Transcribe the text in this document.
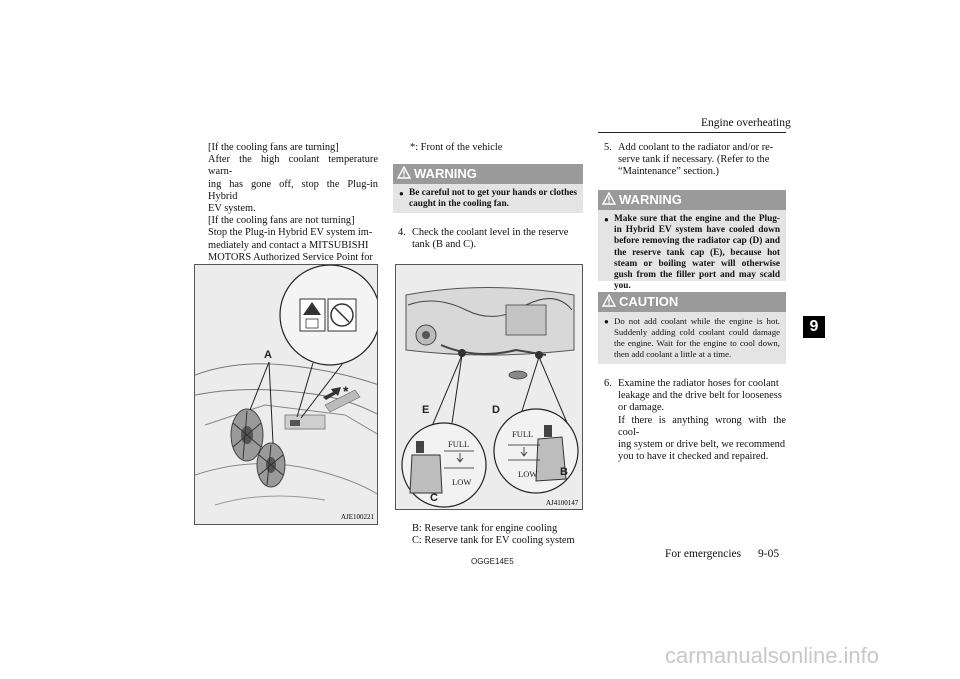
Engine overheating
9
[If the cooling fans are turning]
After the high coolant temperature warn-
ing has gone off, stop the Plug-in Hybrid
EV system.
[If the cooling fans are not turning]
Stop the Plug-in Hybrid EV system im-
mediately and contact a MITSUBISHI
MOTORS Authorized Service Point for
A
*
AJE100221
*: Front of the vehicle
WARNING
● Be careful not to get your hands or clothes caught in the cooling fan.
4. Check the coolant level in the reserve
tank (B and C).
E	D
FULL
LOW
C
FULL
LOW B
AJ4100147
B: Reserve tank for engine cooling
C: Reserve tank for EV cooling system
5. Add coolant to the radiator and/or re-
serve tank if necessary. (Refer to the
“Maintenance” section.)
WARNING
● Make sure that the engine and the Plug-in Hybrid EV system have cooled down before removing the radiator cap (D) and the reserve tank cap (E), because hot steam or boiling water will otherwise gush from the filler port and may scald you.
CAUTION
● Do not add coolant while the engine is hot. Suddenly adding cold coolant could damage the engine. Wait for the engine to cool down, then add coolant a little at a time.
6. Examine the radiator hoses for coolant
leakage and the drive belt for looseness
or damage.
If there is anything wrong with the cool-
ing system or drive belt, we recommend
you to have it checked and repaired.
OGGE14E5
For emergencies 9-05
carmanualsonline.info
